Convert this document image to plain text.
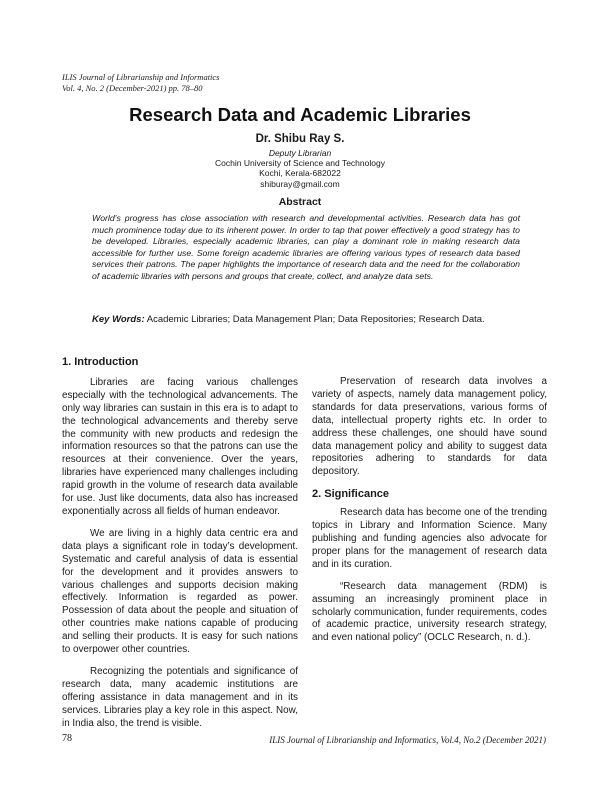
ILIS Journal of Librarianship and Informatics
Vol. 4, No. 2 (December-2021) pp. 78–80
Research Data and Academic Libraries
Dr. Shibu Ray S.
Deputy Librarian
Cochin University of Science and Technology
Kochi, Kerala-682022
shiburay@gmail.com
Abstract
World’s progress has close association with research and developmental activities. Research data has got much prominence today due to its inherent power. In order to tap that power effectively a good strategy has to be developed. Libraries, especially academic libraries, can play a dominant role in making research data accessible for further use. Some foreign academic libraries are offering various types of research data based services their patrons. The paper highlights the importance of research data and the need for the collaboration of academic libraries with persons and groups that create, collect, and analyze data sets.
Key Words: Academic Libraries; Data Management Plan; Data Repositories; Research Data.
1. Introduction

Libraries are facing various challenges especially with the technological advancements. The only way libraries can sustain in this era is to adapt to the technological advancements and thereby serve the community with new products and redesign the information resources so that the patrons can use the resources at their convenience. Over the years, libraries have experienced many challenges including rapid growth in the volume of research data available for use. Just like documents, data also has increased exponentially across all fields of human endeavor.

We are living in a highly data centric era and data plays a significant role in today’s development. Systematic and careful analysis of data is essential for the development and it provides answers to various challenges and supports decision making effectively. Information is regarded as power. Possession of data about the people and situation of other countries make nations capable of producing and selling their products. It is easy for such nations to overpower other countries.

Recognizing the potentials and significance of research data, many academic institutions are offering assistance in data management and in its services. Libraries play a key role in this aspect. Now, in India also, the trend is visible.

Preservation of research data involves a variety of aspects, namely data management policy, standards for data preservations, various forms of data, intellectual property rights etc. In order to address these challenges, one should have sound data management policy and ability to suggest data repositories adhering to standards for data depository.

2. Significance

Research data has become one of the trending topics in Library and Information Science. Many publishing and funding agencies also advocate for proper plans for the management of research data and in its curation.

“Research data management (RDM) is assuming an increasingly prominent place in scholarly communication, funder requirements, codes of academic practice, university research strategy, and even national policy” (OCLC Research, n. d.).

78	ILIS Journal of Librarianship and Informatics, Vol.4, No.2 (December 2021)
